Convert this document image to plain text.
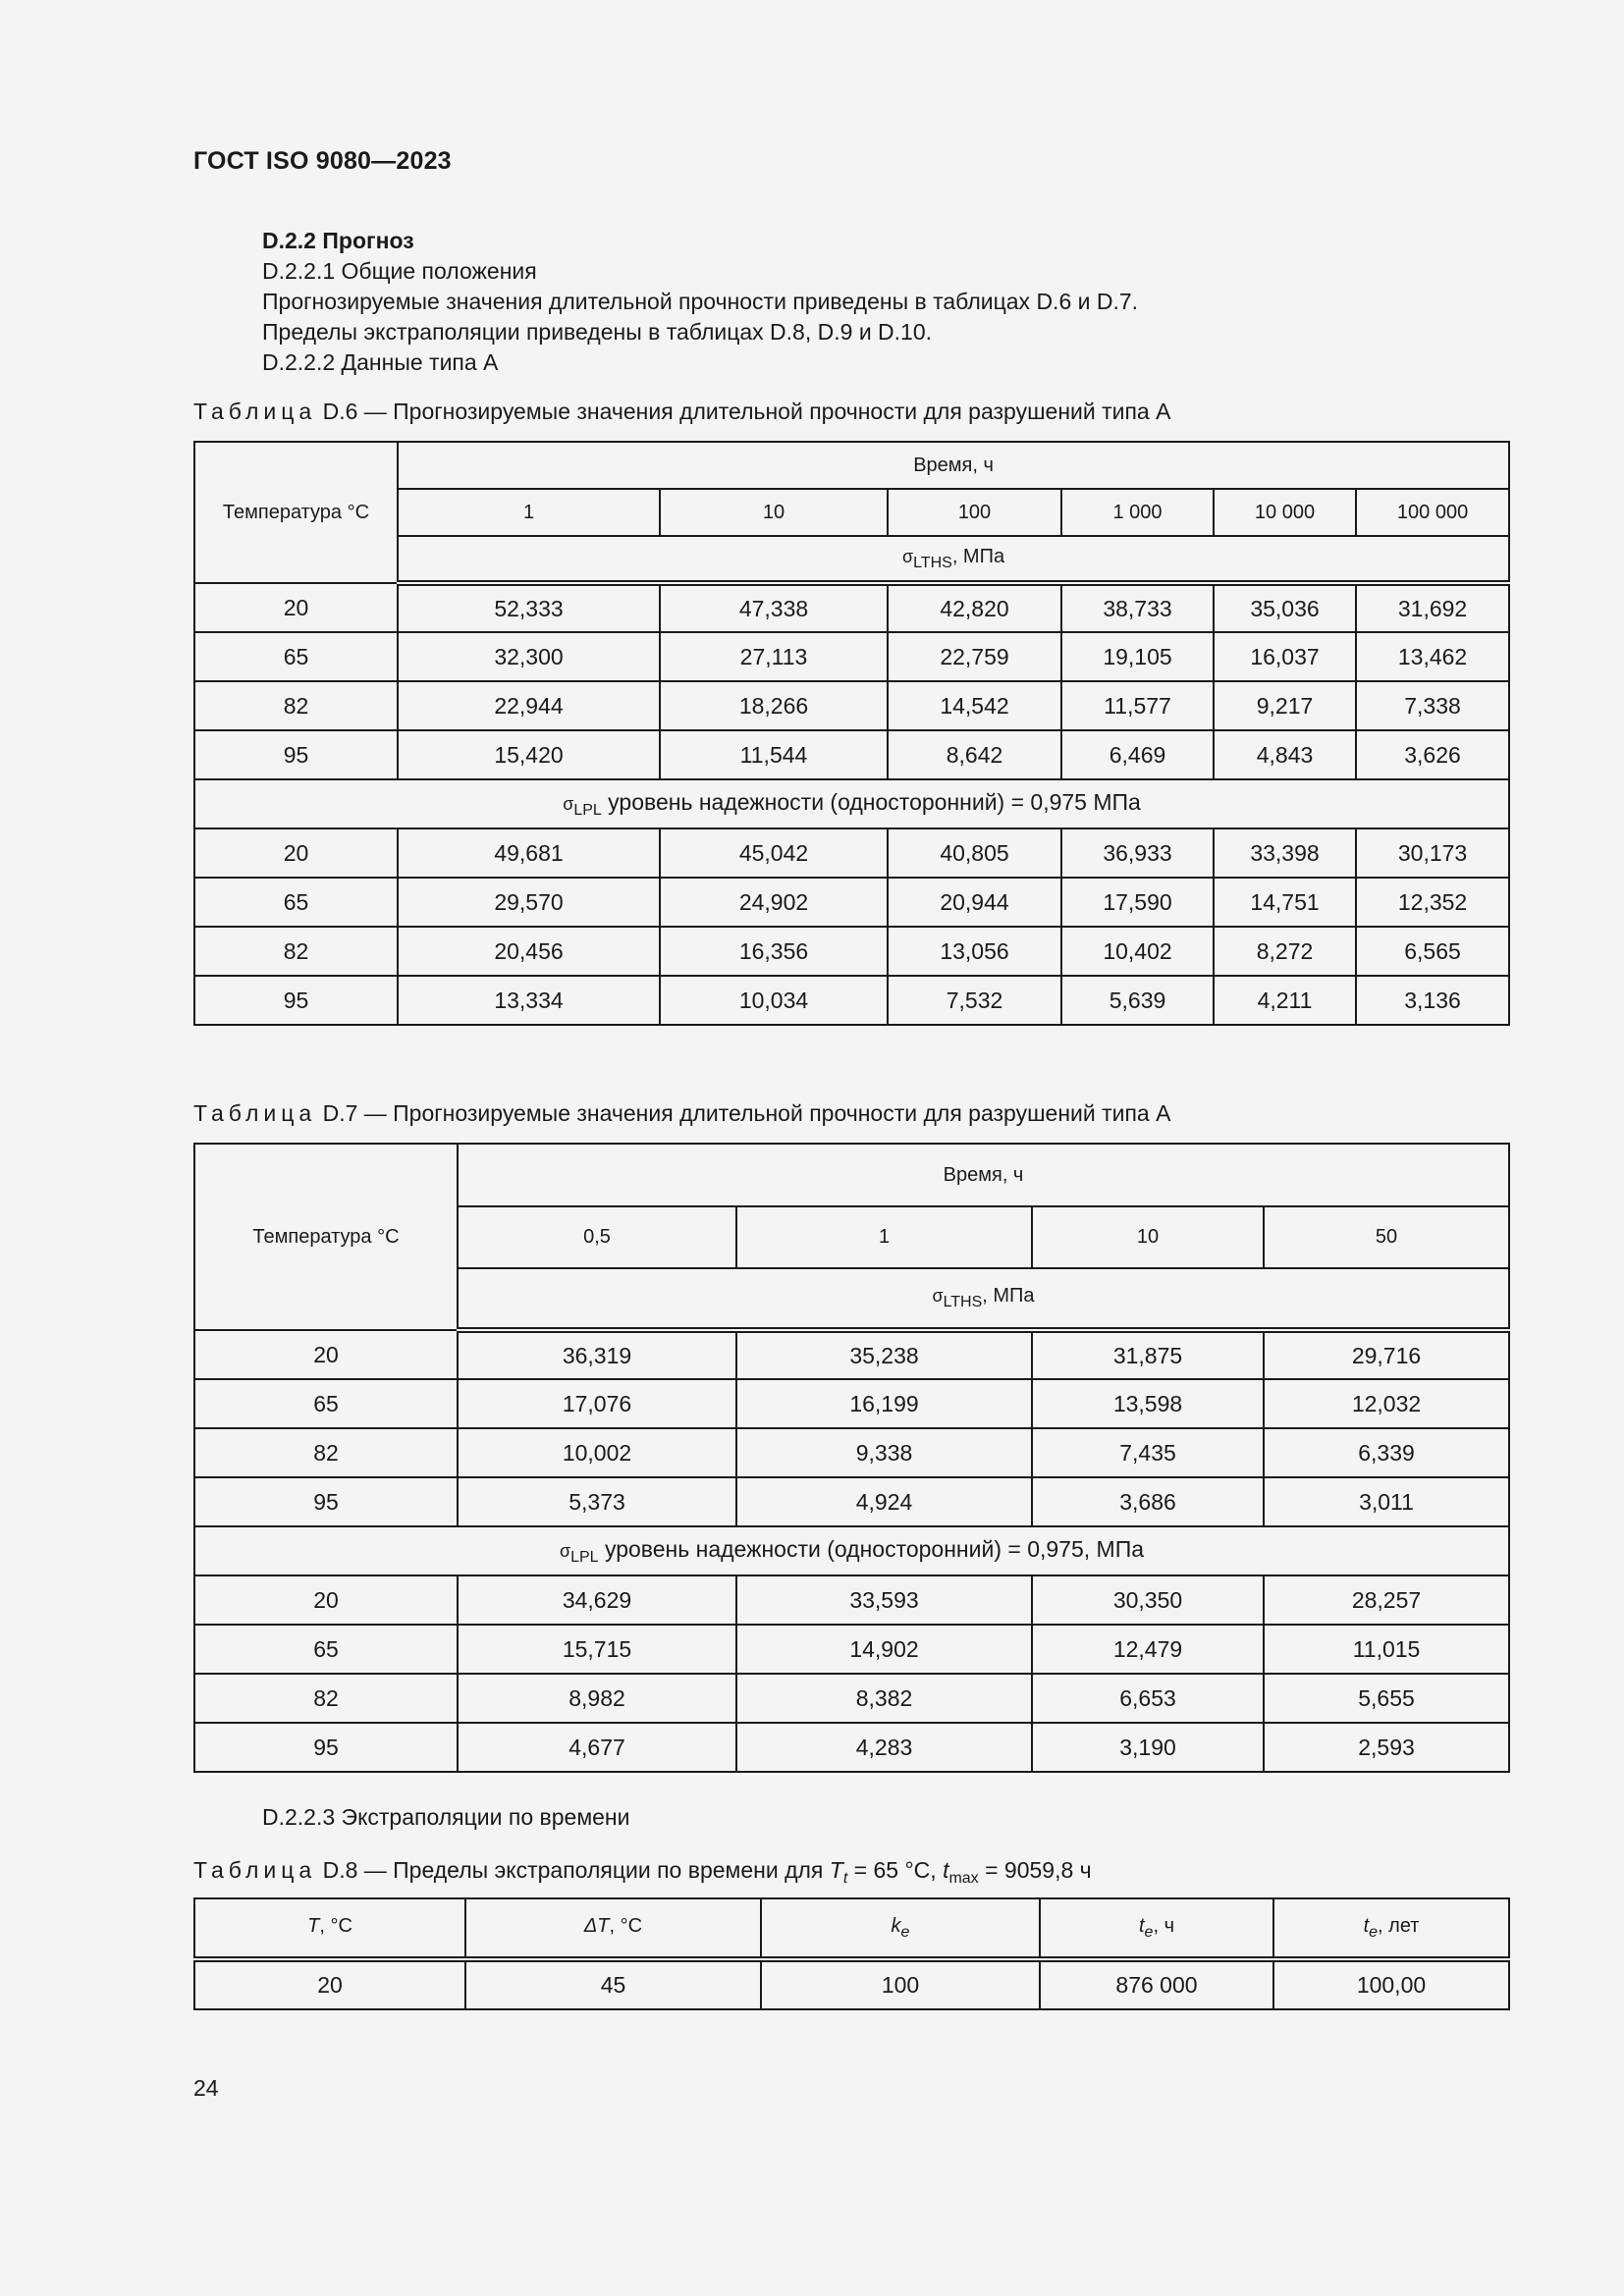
ГОСТ ISO 9080—2023
D.2.2 Прогноз
D.2.2.1 Общие положения
Прогнозируемые значения длительной прочности приведены в таблицах D.6 и D.7.
Пределы экстраполяции приведены в таблицах D.8, D.9 и D.10.
D.2.2.2 Данные типа А
Таблица D.6 — Прогнозируемые значения длительной прочности для разрушений типа А
Температура °С	Время, ч					
	1	10	100	1 000	10 000	100 000
	$\sigma_{LTHS}$, МПа					
20	52,333	47,338	42,820	38,733	35,036	31,692
65	32,300	27,113	22,759	19,105	16,037	13,462
82	22,944	18,266	14,542	11,577	9,217	7,338
95	15,420	11,544	8,642	6,469	4,843	3,626
$\sigma_{LPL}$ уровень надежности (односторонний) = 0,975 МПа						
20	49,681	45,042	40,805	36,933	33,398	30,173
65	29,570	24,902	20,944	17,590	14,751	12,352
82	20,456	16,356	13,056	10,402	8,272	6,565
95	13,334	10,034	7,532	5,639	4,211	3,136
Таблица D.7 — Прогнозируемые значения длительной прочности для разрушений типа А
Температура °С	Время, ч			
	0,5	1	10	50
	$\sigma_{LTHS}$, МПа			
20	36,319	35,238	31,875	29,716
65	17,076	16,199	13,598	12,032
82	10,002	9,338	7,435	6,339
95	5,373	4,924	3,686	3,011
$\sigma_{LPL}$ уровень надежности (односторонний) = 0,975, МПа				
20	34,629	33,593	30,350	28,257
65	15,715	14,902	12,479	11,015
82	8,982	8,382	6,653	5,655
95	4,677	4,283	3,190	2,593
D.2.2.3 Экстраполяции по времени
Таблица D.8 — Пределы экстраполяции по времени для $T_t = 65$ °С, $t_{max} = 9059,8$ ч
T, °С	ΔT, °С	$k_e$	$t_e$, ч	$t_e$, лет
20	45	100	876 000	100,00
24
